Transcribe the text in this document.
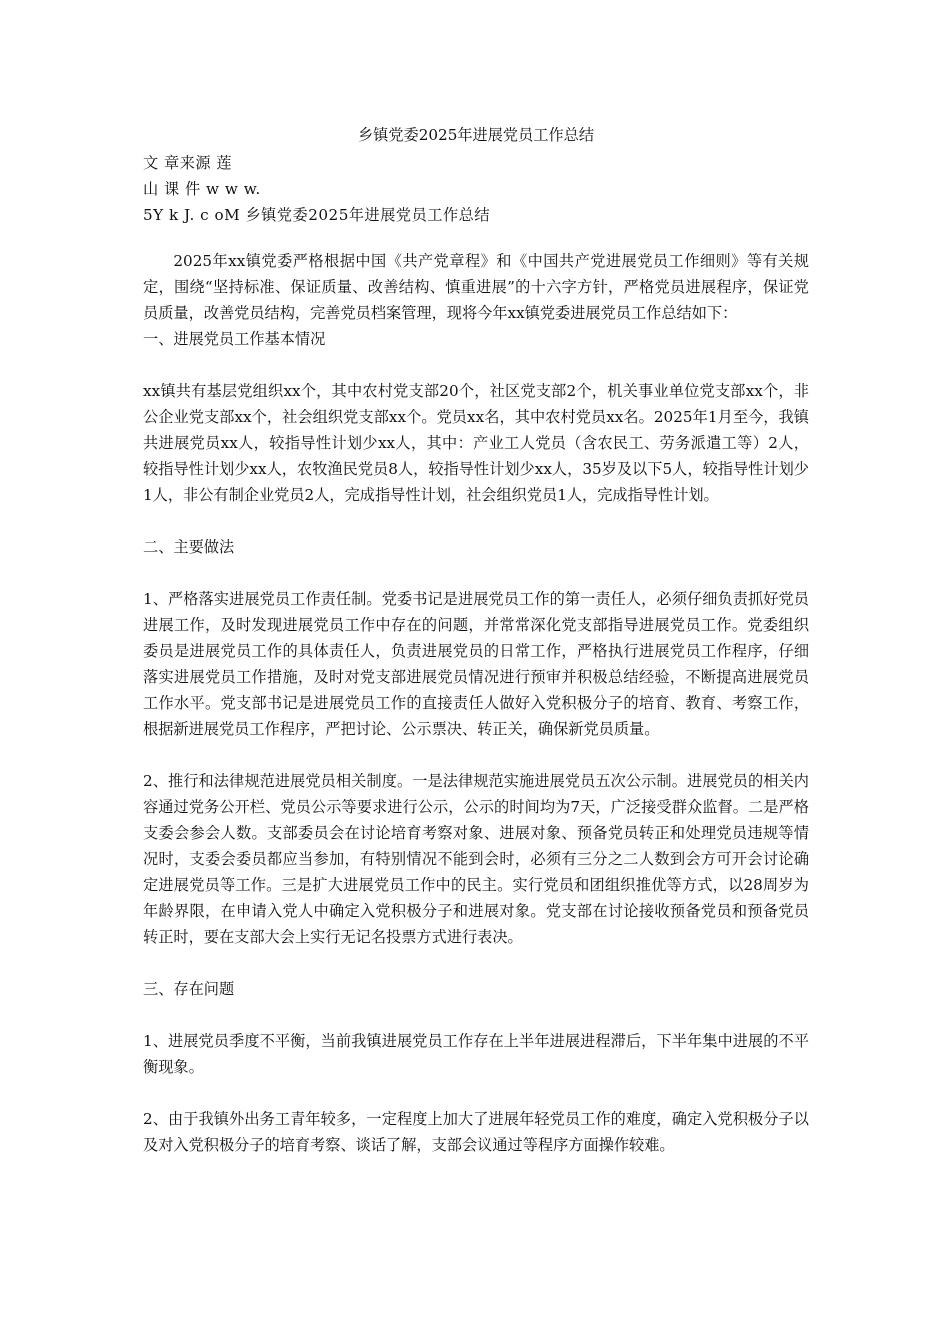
乡镇党委2025年进展党员工作总结

文 章来源 莲

山 课 件 w w w.

5Y k J. c oM 乡镇党委2025年进展党员工作总结

2025年xx镇党委严格根据中国《共产党章程》和《中国共产党进展党员工作细则》等有关规定，围绕“坚持标准、保证质量、改善结构、慎重进展”的十六字方针，严格党员进展程序，保证党员质量，改善党员结构，完善党员档案管理，现将今年xx镇党委进展党员工作总结如下：

一、进展党员工作基本情况

xx镇共有基层党组织xx个，其中农村党支部20个，社区党支部2个，机关事业单位党支部xx个，非公企业党支部xx个，社会组织党支部xx个。党员xx名，其中农村党员xx名。2025年1月至今，我镇共进展党员xx人，较指导性计划少xx人，其中：产业工人党员（含农民工、劳务派遣工等）2人，较指导性计划少xx人，农牧渔民党员8人，较指导性计划少xx人，35岁及以下5人，较指导性计划少1人，非公有制企业党员2人，完成指导性计划，社会组织党员1人，完成指导性计划。

二、主要做法

1、严格落实进展党员工作责任制。党委书记是进展党员工作的第一责任人，必须仔细负责抓好党员进展工作，及时发现进展党员工作中存在的问题，并常常深化党支部指导进展党员工作。党委组织委员是进展党员工作的具体责任人，负责进展党员的日常工作，严格执行进展党员工作程序，仔细落实进展党员工作措施，及时对党支部进展党员情况进行预审并积极总结经验，不断提高进展党员工作水平。党支部书记是进展党员工作的直接责任人做好入党积极分子的培育、教育、考察工作，根据新进展党员工作程序，严把讨论、公示票决、转正关，确保新党员质量。

2、推行和法律规范进展党员相关制度。一是法律规范实施进展党员五次公示制。进展党员的相关内容通过党务公开栏、党员公示等要求进行公示，公示的时间均为7天，广泛接受群众监督。二是严格支委会参会人数。支部委员会在讨论培育考察对象、进展对象、预备党员转正和处理党员违规等情况时，支委会委员都应当参加，有特别情况不能到会时，必须有三分之二人数到会方可开会讨论确定进展党员等工作。三是扩大进展党员工作中的民主。实行党员和团组织推优等方式，以28周岁为年龄界限，在申请入党人中确定入党积极分子和进展对象。党支部在讨论接收预备党员和预备党员转正时，要在支部大会上实行无记名投票方式进行表决。

三、存在问题

1、进展党员季度不平衡，当前我镇进展党员工作存在上半年进展进程滞后，下半年集中进展的不平衡现象。

2、由于我镇外出务工青年较多，一定程度上加大了进展年轻党员工作的难度，确定入党积极分子以及对入党积极分子的培育考察、谈话了解，支部会议通过等程序方面操作较难。
